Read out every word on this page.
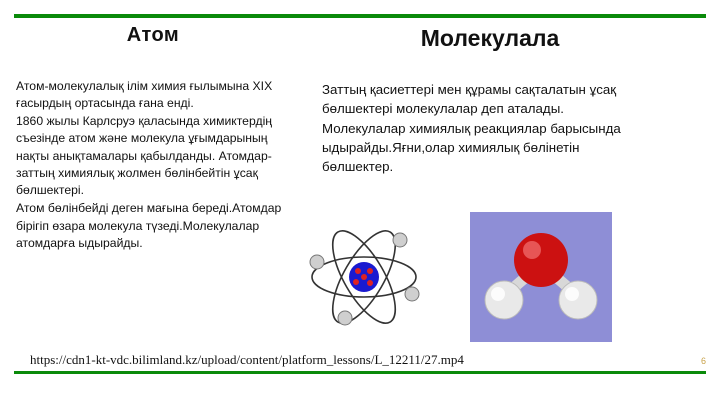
Атом	Молекулала

Атом-молекулалық ілім химия ғылымына XIX ғасырдың ортасында ғана енді.

1860 жылы Карлсруэ қаласында химиктердің съезінде атом және молекула ұғымдарының нақты анықтамалары қабылданды. Атомдар-заттың химиялық жолмен бөлінбейтін ұсақ бөлшектері.

Атом бөлінбейді деген мағына береді.Атомдар бірігіп өзара молекула түзеді.Молекулалар атомдарға ыдырайды.

Заттың қасиеттері мен құрамы сақталатын ұсақ бөлшектері молекулалар деп аталады. Молекулалар химиялық реакциялар барысында ыдырайды.Яғни,олар химиялық бөлінетін бөлшектер.

https://cdn1-kt-vdc.bilimland.kz/upload/content/platform_lessons/L_12211/27.mp4	6
